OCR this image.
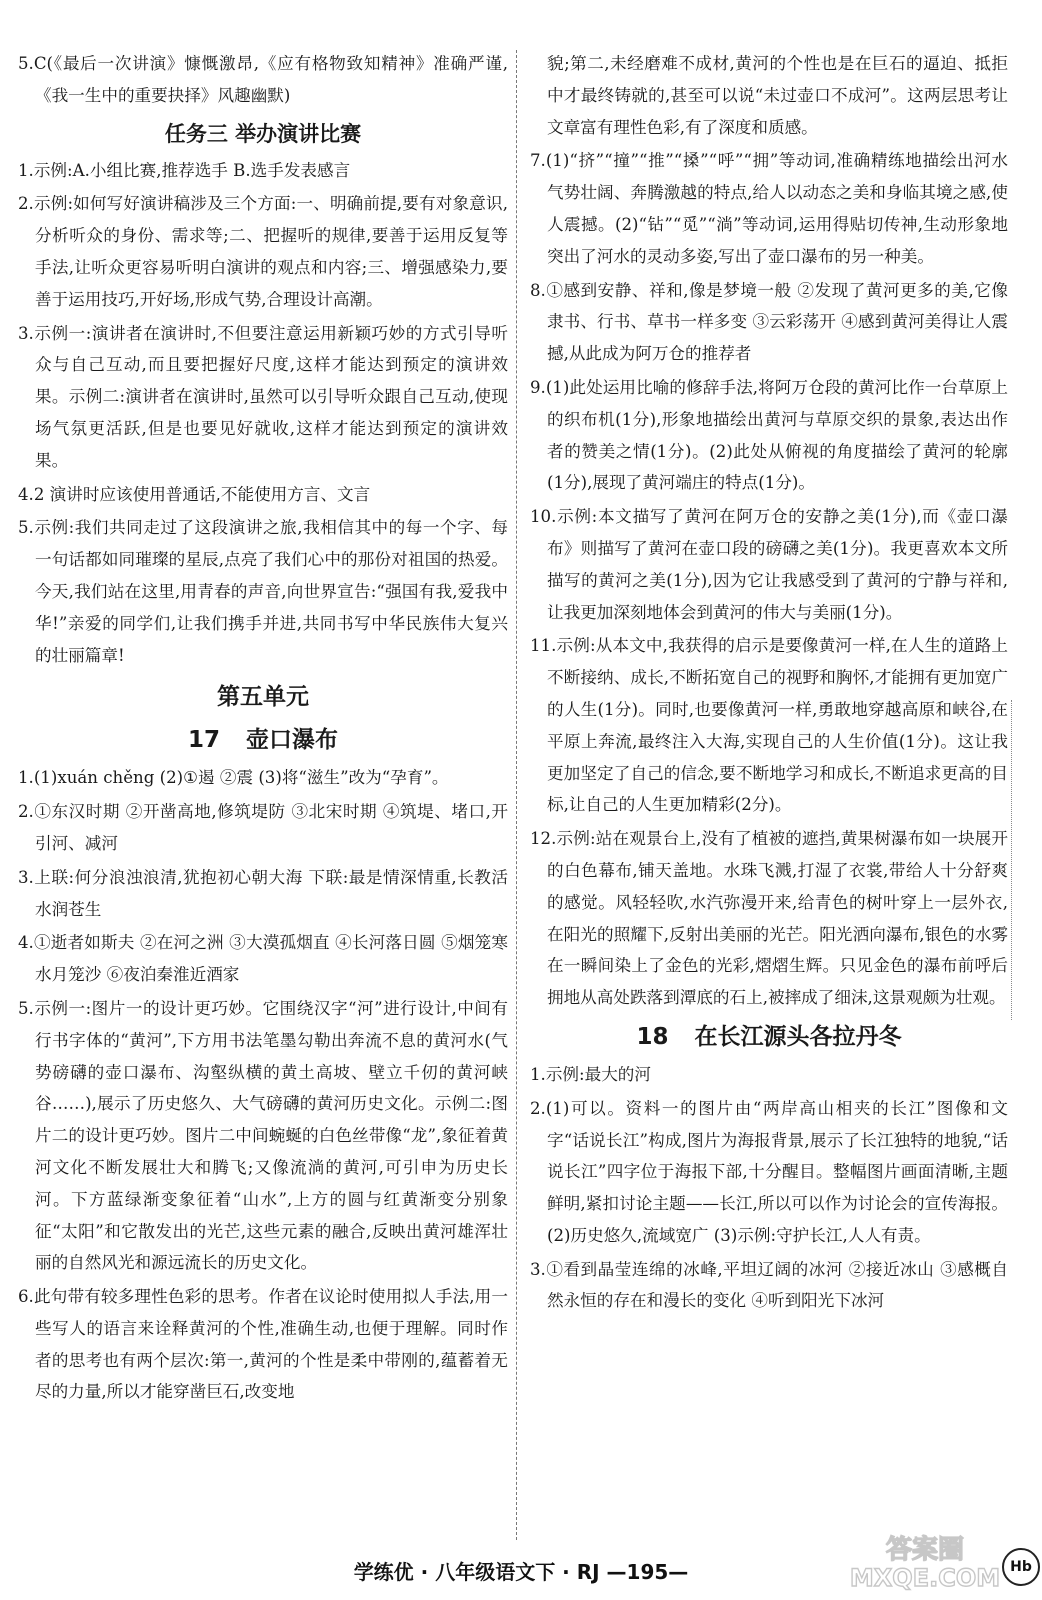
5.C(《最后一次讲演》慷慨激昂,《应有格物致知精神》准确严谨,《我一生中的重要抉择》风趣幽默)

任务三 举办演讲比赛

1.示例:A.小组比赛,推荐选手 B.选手发表感言

2.示例:如何写好演讲稿涉及三个方面:一、明确前提,要有对象意识,分析听众的身份、需求等;二、把握听的规律,要善于运用反复等手法,让听众更容易听明白演讲的观点和内容;三、增强感染力,要善于运用技巧,开好场,形成气势,合理设计高潮。

3.示例一:演讲者在演讲时,不但要注意运用新颖巧妙的方式引导听众与自己互动,而且要把握好尺度,这样才能达到预定的演讲效果。示例二:演讲者在演讲时,虽然可以引导听众跟自己互动,使现场气氛更活跃,但是也要见好就收,这样才能达到预定的演讲效果。

4.2 演讲时应该使用普通话,不能使用方言、文言

5.示例:我们共同走过了这段演讲之旅,我相信其中的每一个字、每一句话都如同璀璨的星辰,点亮了我们心中的那份对祖国的热爱。今天,我们站在这里,用青春的声音,向世界宣告:“强国有我,爱我中华!”亲爱的同学们,让我们携手并进,共同书写中华民族伟大复兴的壮丽篇章!

第五单元
17 壶口瀑布

1.(1)xuán chěng (2)①遏 ②震 (3)将“滋生”改为“孕育”。

2.①东汉时期 ②开凿高地,修筑堤防 ③北宋时期 ④筑堤、堵口,开引河、减河

3.上联:何分浪浊浪清,犹抱初心朝大海 下联:最是情深情重,长教活水润苍生

4.①逝者如斯夫 ②在河之洲 ③大漠孤烟直 ④长河落日圆 ⑤烟笼寒水月笼沙 ⑥夜泊秦淮近酒家

5.示例一:图片一的设计更巧妙。它围绕汉字“河”进行设计,中间有行书字体的“黄河”,下方用书法笔墨勾勒出奔流不息的黄河水(气势磅礴的壶口瀑布、沟壑纵横的黄土高坡、壁立千仞的黄河峡谷……),展示了历史悠久、大气磅礴的黄河历史文化。示例二:图片二的设计更巧妙。图片二中间蜿蜒的白色丝带像“龙”,象征着黄河文化不断发展壮大和腾飞;又像流淌的黄河,可引申为历史长河。下方蓝绿渐变象征着“山水”,上方的圆与红黄渐变分别象征“太阳”和它散发出的光芒,这些元素的融合,反映出黄河雄浑壮丽的自然风光和源远流长的历史文化。

6.此句带有较多理性色彩的思考。作者在议论时使用拟人手法,用一些写人的语言来诠释黄河的个性,准确生动,也便于理解。同时作者的思考也有两个层次:第一,黄河的个性是柔中带刚的,蕴蓄着无尽的力量,所以才能穿凿巨石,改变地

貌;第二,未经磨难不成材,黄河的个性也是在巨石的逼迫、抵拒中才最终铸就的,甚至可以说“未过壶口不成河”。这两层思考让文章富有理性色彩,有了深度和质感。

7.(1)“挤”“撞”“推”“搡”“呼”“拥”等动词,准确精练地描绘出河水气势壮阔、奔腾激越的特点,给人以动态之美和身临其境之感,使人震撼。(2)“钻”“觅”“淌”等动词,运用得贴切传神,生动形象地突出了河水的灵动多姿,写出了壶口瀑布的另一种美。

8.①感到安静、祥和,像是梦境一般 ②发现了黄河更多的美,它像隶书、行书、草书一样多变 ③云彩荡开 ④感到黄河美得让人震撼,从此成为阿万仓的推荐者

9.(1)此处运用比喻的修辞手法,将阿万仓段的黄河比作一台草原上的织布机(1分),形象地描绘出黄河与草原交织的景象,表达出作者的赞美之情(1分)。(2)此处从俯视的角度描绘了黄河的轮廓(1分),展现了黄河端庄的特点(1分)。

10.示例:本文描写了黄河在阿万仓的安静之美(1分),而《壶口瀑布》则描写了黄河在壶口段的磅礴之美(1分)。我更喜欢本文所描写的黄河之美(1分),因为它让我感受到了黄河的宁静与祥和,让我更加深刻地体会到黄河的伟大与美丽(1分)。

11.示例:从本文中,我获得的启示是要像黄河一样,在人生的道路上不断接纳、成长,不断拓宽自己的视野和胸怀,才能拥有更加宽广的人生(1分)。同时,也要像黄河一样,勇敢地穿越高原和峡谷,在平原上奔流,最终注入大海,实现自己的人生价值(1分)。这让我更加坚定了自己的信念,要不断地学习和成长,不断追求更高的目标,让自己的人生更加精彩(2分)。

12.示例:站在观景台上,没有了植被的遮挡,黄果树瀑布如一块展开的白色幕布,铺天盖地。水珠飞溅,打湿了衣裳,带给人十分舒爽的感觉。风轻轻吹,水汽弥漫开来,给青色的树叶穿上一层外衣,在阳光的照耀下,反射出美丽的光芒。阳光洒向瀑布,银色的水雾在一瞬间染上了金色的光彩,熠熠生辉。只见金色的瀑布前呼后拥地从高处跌落到潭底的石上,被摔成了细沫,这景观颇为壮观。

18 在长江源头各拉丹冬

1.示例:最大的河

2.(1)可以。资料一的图片由“两岸高山相夹的长江”图像和文字“话说长江”构成,图片为海报背景,展示了长江独特的地貌,“话说长江”四字位于海报下部,十分醒目。整幅图片画面清晰,主题鲜明,紧扣讨论主题——长江,所以可以作为讨论会的宣传海报。(2)历史悠久,流域宽广 (3)示例:守护长江,人人有责。

3.①看到晶莹连绵的冰峰,平坦辽阔的冰河 ②接近冰山 ③感概自然永恒的存在和漫长的变化 ④听到阳光下冰河

答案圈
MXQE.COM
学练优 · 八年级语文下 · RJ —195—	Hb
